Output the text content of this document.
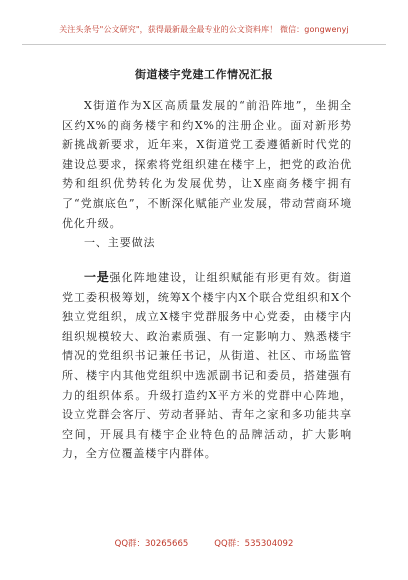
关注头条号"公文研究"，获得最新最全最专业的公文资料库！ 微信：gongwenyj
街道楼宇党建工作情况汇报
X街道作为X区高质量发展的“前沿阵地”，坐拥全区约X%的商务楼宇和约X%的注册企业。面对新形势新挑战新要求，近年来，X街道党工委遵循新时代党的建设总要求，探索将党组织建在楼宇上，把党的政治优势和组织优势转化为发展优势，让X座商务楼宇拥有了“党旗底色”，不断深化赋能产业发展，带动营商环境优化升级。
一、主要做法
一是强化阵地建设，让组织赋能有形更有效。街道党工委积极筹划，统筹X个楼宇内X个联合党组织和X个独立党组织，成立X楼宇党群服务中心党委，由楼宇内组织规模较大、政治素质强、有一定影响力、熟悉楼宇情况的党组织书记兼任书记，从街道、社区、市场监管所、楼宇内其他党组织中选派副书记和委员，搭建强有力的组织体系。升级打造约X平方米的党群中心阵地，设立党群会客厅、劳动者驿站、青年之家和多功能共享空间，开展具有楼宇企业特色的品牌活动，扩大影响力，全方位覆盖楼宇内群体。
QQ群：30265665	QQ群：535304092
